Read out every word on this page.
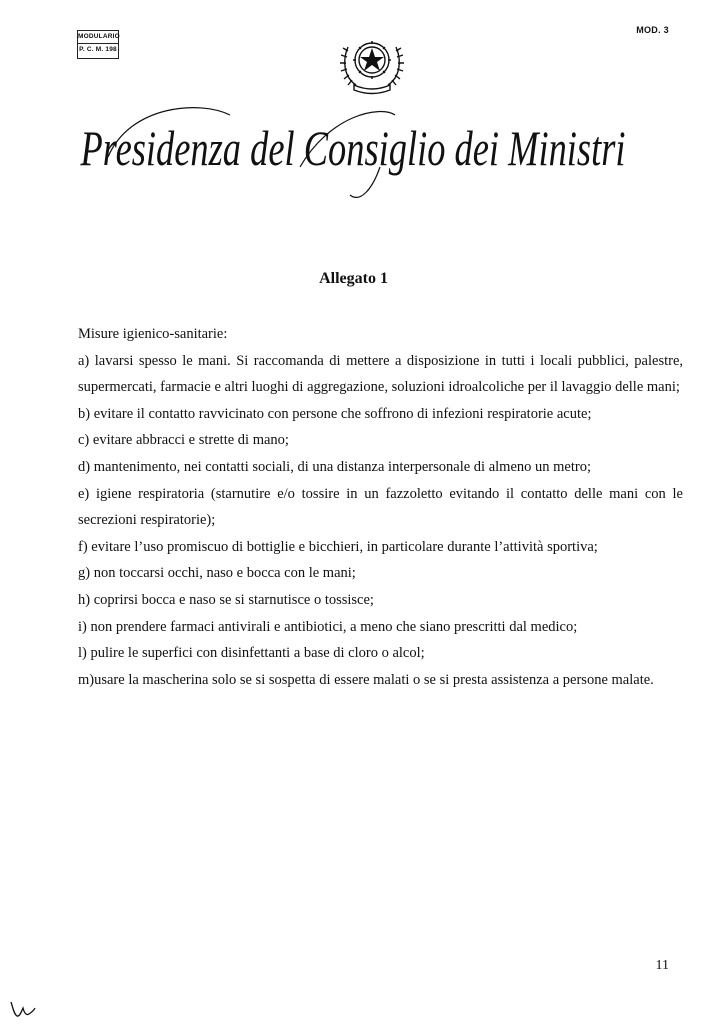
MODULARIO
P. C. M. 198
MOD. 3
Presidenza del Consiglio dei Ministri
Allegato 1

Misure igienico-sanitarie:

a) lavarsi spesso le mani. Si raccomanda di mettere a disposizione in tutti i locali pubblici, palestre, supermercati, farmacie e altri luoghi di aggregazione, soluzioni idroalcoliche per il lavaggio delle mani;

b) evitare il contatto ravvicinato con persone che soffrono di infezioni respiratorie acute;

c) evitare abbracci e strette di mano;

d) mantenimento, nei contatti sociali, di una distanza interpersonale di almeno un metro;

e) igiene respiratoria (starnutire e/o tossire in un fazzoletto evitando il contatto delle mani con le secrezioni respiratorie);

f) evitare l’uso promiscuo di bottiglie e bicchieri, in particolare durante l’attività sportiva;

g) non toccarsi occhi, naso e bocca con le mani;

h) coprirsi bocca e naso se si starnutisce o tossisce;

i) non prendere farmaci antivirali e antibiotici, a meno che siano prescritti dal medico;

l) pulire le superfici con disinfettanti a base di cloro o alcol;

m)usare la mascherina solo se si sospetta di essere malati o se si presta assistenza a persone malate.

11
